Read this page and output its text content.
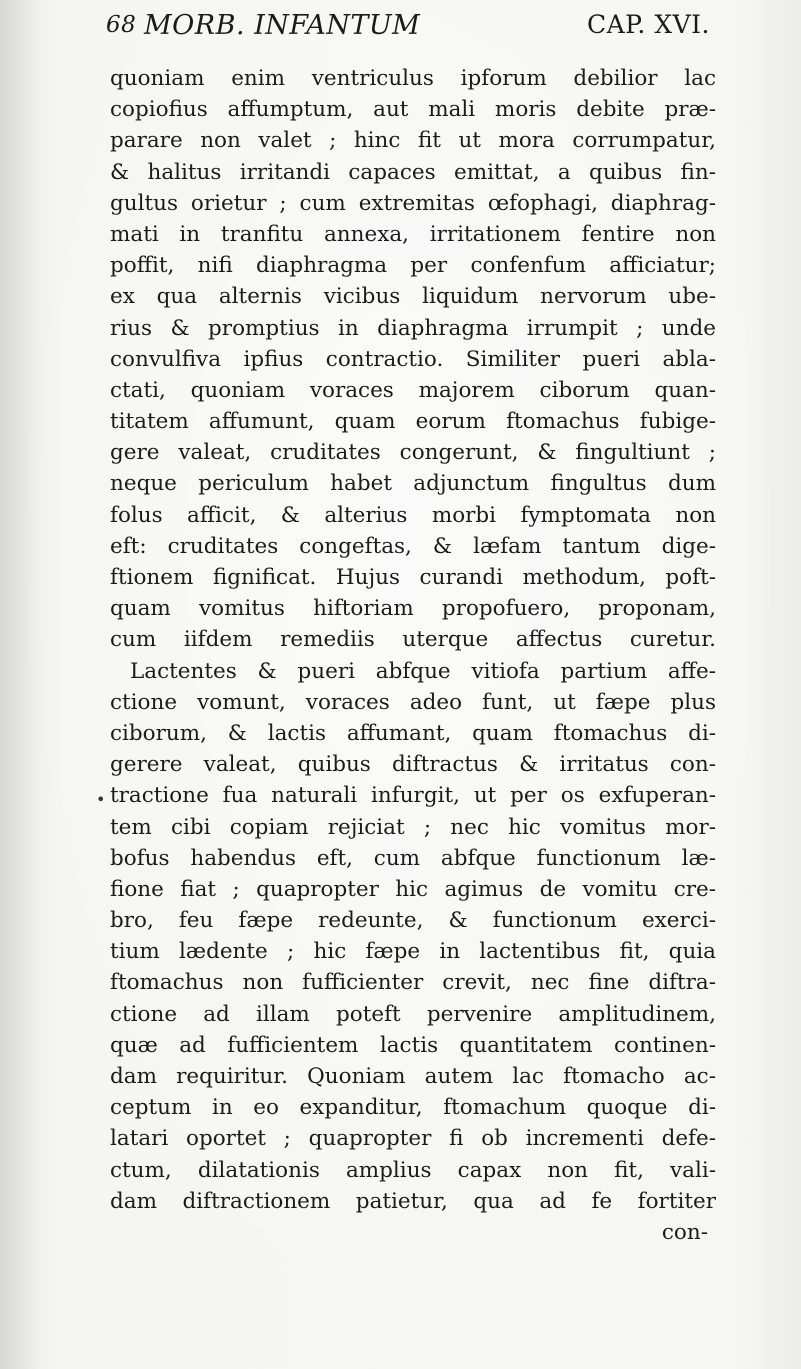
68 MORB. INFANTUM	CAP. XVI.
•
quoniam enim ventriculus ipforum debilior lac
copiofius affumptum, aut mali moris debite præ-
parare non valet ; hinc fit ut mora corrumpatur,
& halitus irritandi capaces emittat, a quibus fin-
gultus orietur ; cum extremitas œfophagi, diaphrag-
mati in tranfitu annexa, irritationem fentire non
poffit, nifi diaphragma per confenfum afficiatur;
ex qua alternis vicibus liquidum nervorum ube-
rius & promptius in diaphragma irrumpit ; unde
convulfiva ipfius contractio. Similiter pueri abla-
ctati, quoniam voraces majorem ciborum quan-
titatem affumunt, quam eorum ftomachus fubige-
gere valeat, cruditates congerunt, & fingultiunt ;
neque periculum habet adjunctum fingultus dum
folus afficit, & alterius morbi fymptomata non
eft: cruditates congeftas, & læfam tantum dige-
ftionem fignificat. Hujus curandi methodum, poft-
quam vomitus hiftoriam propofuero, proponam,
cum iifdem remediis uterque affectus curetur.
Lactentes & pueri abfque vitiofa partium affe-
ctione vomunt, voraces adeo funt, ut fæpe plus
ciborum, & lactis affumant, quam ftomachus di-
gerere valeat, quibus diftractus & irritatus con-
tractione fua naturali infurgit, ut per os exfuperan-
tem cibi copiam rejiciat ; nec hic vomitus mor-
bofus habendus eft, cum abfque functionum læ-
fione fiat ; quapropter hic agimus de vomitu cre-
bro, feu fæpe redeunte, & functionum exerci-
tium lædente ; hic fæpe in lactentibus fit, quia
ftomachus non fufficienter crevit, nec fine diftra-
ctione ad illam poteft pervenire amplitudinem,
quæ ad fufficientem lactis quantitatem continen-
dam requiritur. Quoniam autem lac ftomacho ac-
ceptum in eo expanditur, ftomachum quoque di-
latari oportet ; quapropter fi ob incrementi defe-
ctum, dilatationis amplius capax non fit, vali-
dam diftractionem patietur, qua ad fe fortiter
con-
